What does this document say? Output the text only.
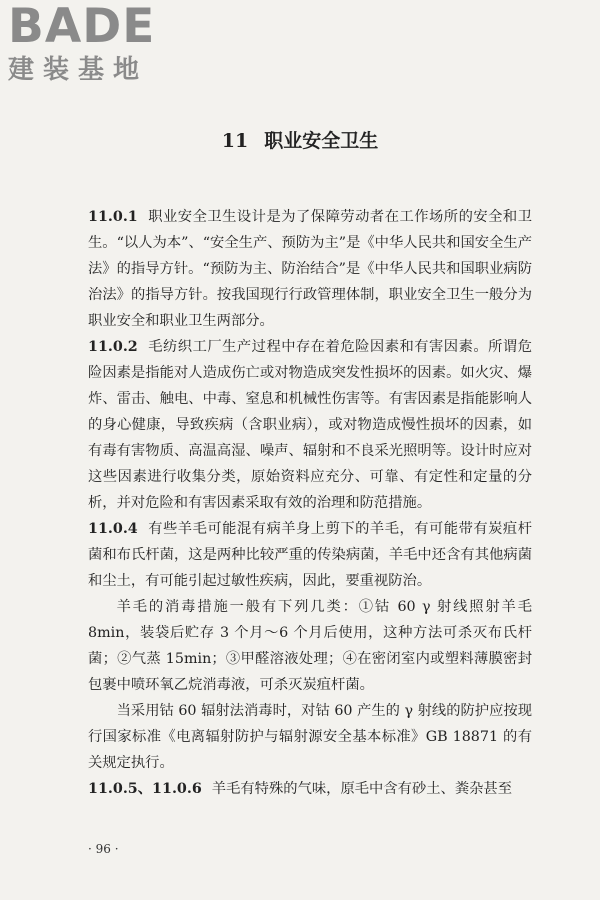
BADE
建装基地
11 职业安全卫生

11.0.1 职业安全卫生设计是为了保障劳动者在工作场所的安全和卫生。“以人为本”、“安全生产、预防为主”是《中华人民共和国安全生产法》的指导方针。“预防为主、防治结合”是《中华人民共和国职业病防治法》的指导方针。按我国现行行政管理体制，职业安全卫生一般分为职业安全和职业卫生两部分。

11.0.2 毛纺织工厂生产过程中存在着危险因素和有害因素。所谓危险因素是指能对人造成伤亡或对物造成突发性损坏的因素。如火灾、爆炸、雷击、触电、中毒、窒息和机械性伤害等。有害因素是指能影响人的身心健康，导致疾病（含职业病），或对物造成慢性损坏的因素，如有毒有害物质、高温高湿、噪声、辐射和不良采光照明等。设计时应对这些因素进行收集分类，原始资料应充分、可靠、有定性和定量的分析，并对危险和有害因素采取有效的治理和防范措施。

11.0.4 有些羊毛可能混有病羊身上剪下的羊毛，有可能带有炭疽杆菌和布氏杆菌，这是两种比较严重的传染病菌，羊毛中还含有其他病菌和尘土，有可能引起过敏性疾病，因此，要重视防治。

羊毛的消毒措施一般有下列几类：①钴 60 γ 射线照射羊毛 8min，装袋后贮存 3 个月～6 个月后使用，这种方法可杀灭布氏杆菌；②气蒸 15min；③甲醛溶液处理；④在密闭室内或塑料薄膜密封包裹中喷环氧乙烷消毒液，可杀灭炭疽杆菌。

当采用钴 60 辐射法消毒时，对钴 60 产生的 γ 射线的防护应按现行国家标准《电离辐射防护与辐射源安全基本标准》GB 18871 的有关规定执行。

11.0.5、11.0.6 羊毛有特殊的气味，原毛中含有砂土、粪杂甚至

· 96 ·
